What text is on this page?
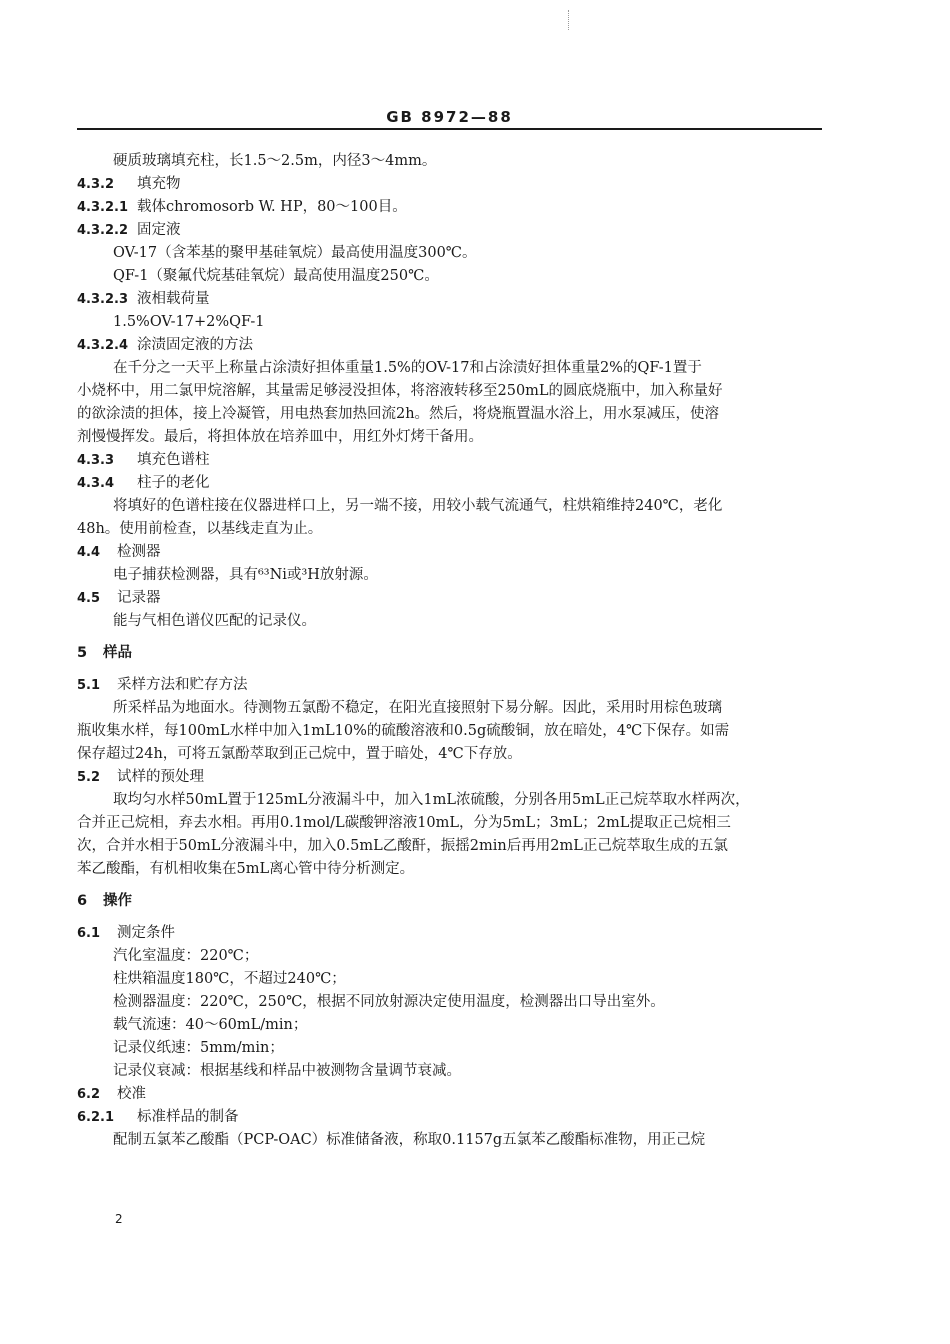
GB 8972—88
硬质玻璃填充柱，长1.5～2.5m，内径3～4mm。
4.3.2 填充物
4.3.2.1 载体chromosorb W. HP，80～100目。
4.3.2.2 固定液
OV-17（含苯基的聚甲基硅氧烷）最高使用温度300℃。
QF-1（聚氟代烷基硅氧烷）最高使用温度250℃。
4.3.2.3 液相载荷量
1.5%OV-17+2%QF-1
4.3.2.4 涂渍固定液的方法
在千分之一天平上称量占涂渍好担体重量1.5%的OV-17和占涂渍好担体重量2%的QF-1置于
小烧杯中，用二氯甲烷溶解，其量需足够浸没担体，将溶液转移至250mL的圆底烧瓶中，加入称量好
的欲涂渍的担体，接上冷凝管，用电热套加热回流2h。然后，将烧瓶置温水浴上，用水泵减压，使溶
剂慢慢挥发。最后，将担体放在培养皿中，用红外灯烤干备用。
4.3.3 填充色谱柱
4.3.4 柱子的老化
将填好的色谱柱接在仪器进样口上，另一端不接，用较小载气流通气，柱烘箱维持240℃，老化
48h。使用前检查，以基线走直为止。
4.4 检测器
电子捕获检测器，具有⁶³Ni或³H放射源。
4.5 记录器
能与气相色谱仪匹配的记录仪。
5 样品
5.1 采样方法和贮存方法
所采样品为地面水。待测物五氯酚不稳定，在阳光直接照射下易分解。因此，采用时用棕色玻璃
瓶收集水样，每100mL水样中加入1mL10%的硫酸溶液和0.5g硫酸铜，放在暗处，4℃下保存。如需
保存超过24h，可将五氯酚萃取到正己烷中，置于暗处，4℃下存放。
5.2 试样的预处理
取均匀水样50mL置于125mL分液漏斗中，加入1mL浓硫酸，分别各用5mL正己烷萃取水样两次，
合并正己烷相，弃去水相。再用0.1mol/L碳酸钾溶液10mL，分为5mL；3mL；2mL提取正己烷相三
次，合并水相于50mL分液漏斗中，加入0.5mL乙酸酐，振摇2min后再用2mL正己烷萃取生成的五氯
苯乙酸酯，有机相收集在5mL离心管中待分析测定。
6 操作
6.1 测定条件
汽化室温度：220℃；
柱烘箱温度180℃，不超过240℃；
检测器温度：220℃，250℃，根据不同放射源决定使用温度，检测器出口导出室外。
载气流速：40～60mL/min；
记录仪纸速：5mm/min；
记录仪衰减：根据基线和样品中被测物含量调节衰减。
6.2 校准
6.2.1 标准样品的制备
配制五氯苯乙酸酯（PCP-OAC）标准储备液，称取0.1157g五氯苯乙酸酯标准物，用正己烷
2
